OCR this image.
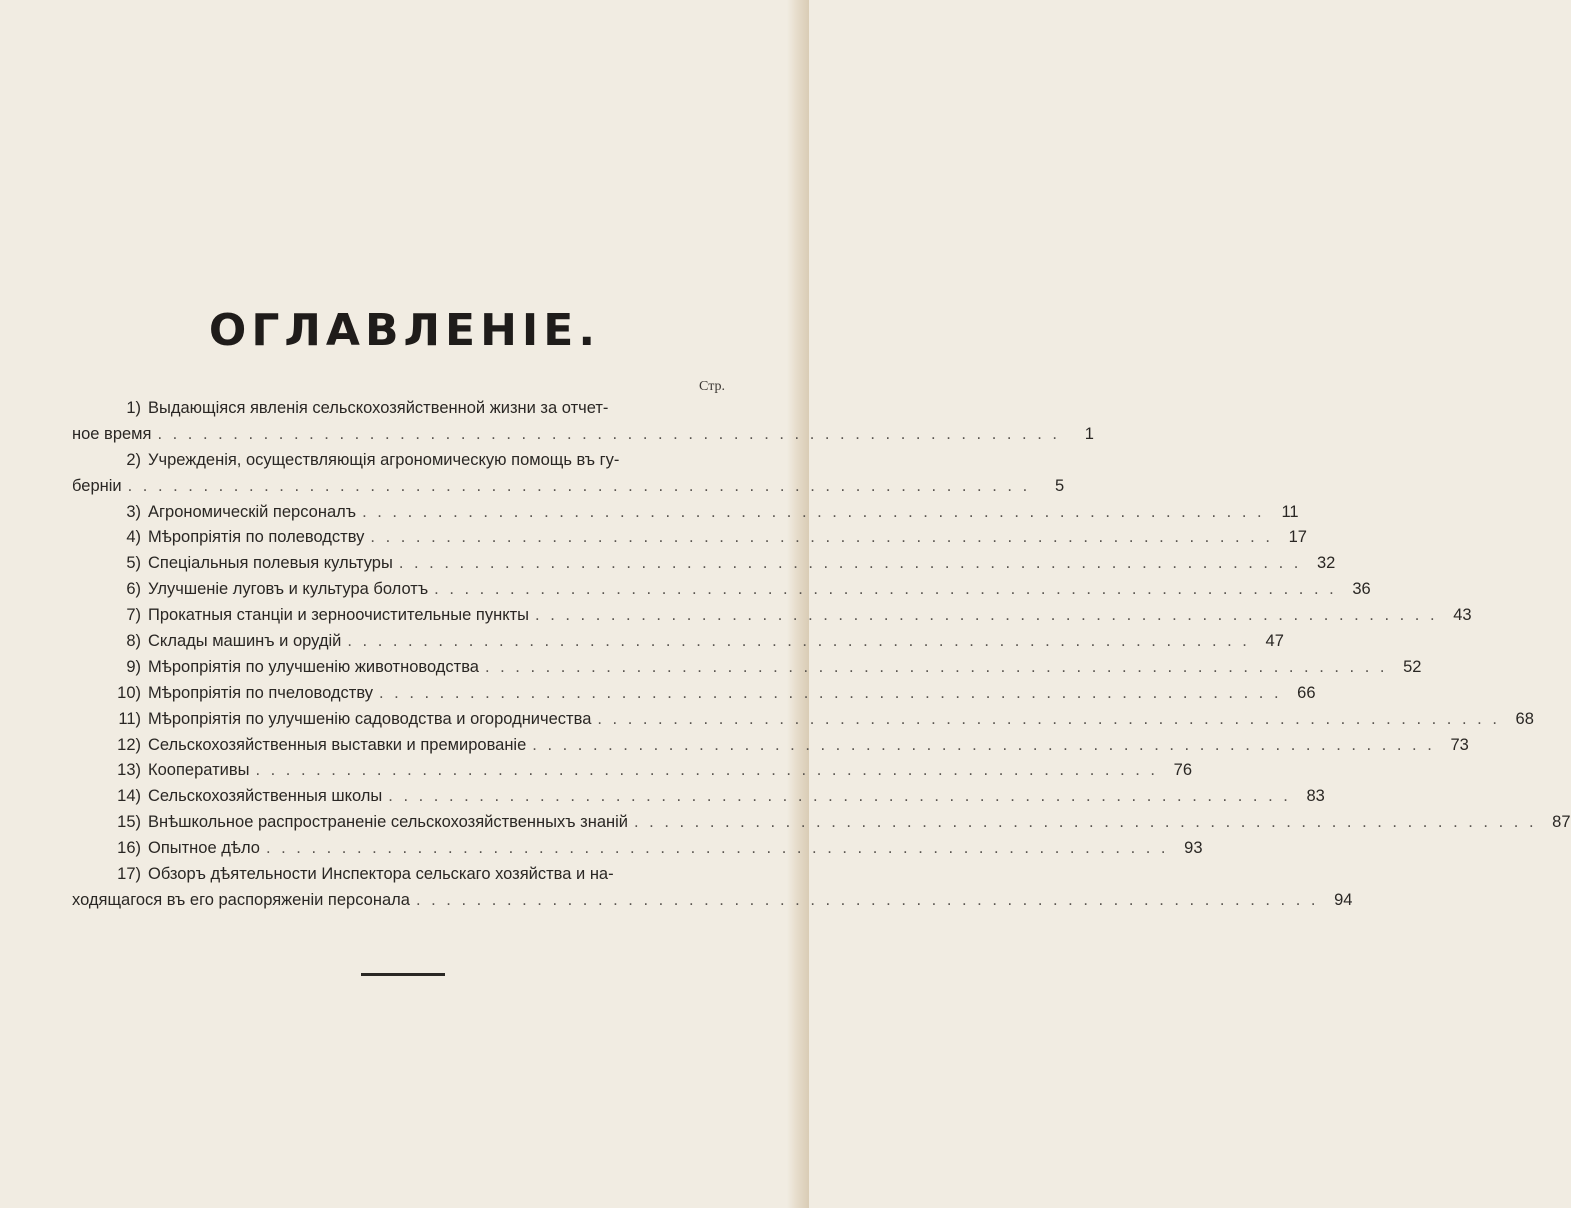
ОГЛАВЛЕНІЕ.
Стр.
1) Выдающіяся явленія сельскохозяйственной жизни за отчет-
ное время . . .	1
2) Учрежденія, осуществляющія агрономическую помощь въ гу-
берніи . . .	5
3) Агрономическій персоналъ . . .	11
4) Мѣропріятія по полеводству . . .	17
5) Спеціальныя полевыя культуры . . .	32
6) Улучшеніе луговъ и культура болотъ . . .	36
7) Прокатныя станціи и зерноочистительные пункты . . .	43
8) Склады машинъ и орудій . . .	47
9) Мѣропріятія по улучшенію животноводства . . .	52
10) Мѣропріятія по пчеловодству . . .	66
11) Мѣропріятія по улучшенію садоводства и огородничества . . .	68
12) Сельскохозяйственныя выставки и премированіе . . .	73
13) Кооперативы . . .	76
14) Сельскохозяйственныя школы . . .	83
15) Внѣшкольное распространеніе сельскохозяйственныхъ знаній . . .	87
16) Опытное дѣло . . .	93
17) Обзоръ дѣятельности Инспектора сельскаго хозяйства и на-
ходящагося въ его распоряженіи персонала . . .	94
